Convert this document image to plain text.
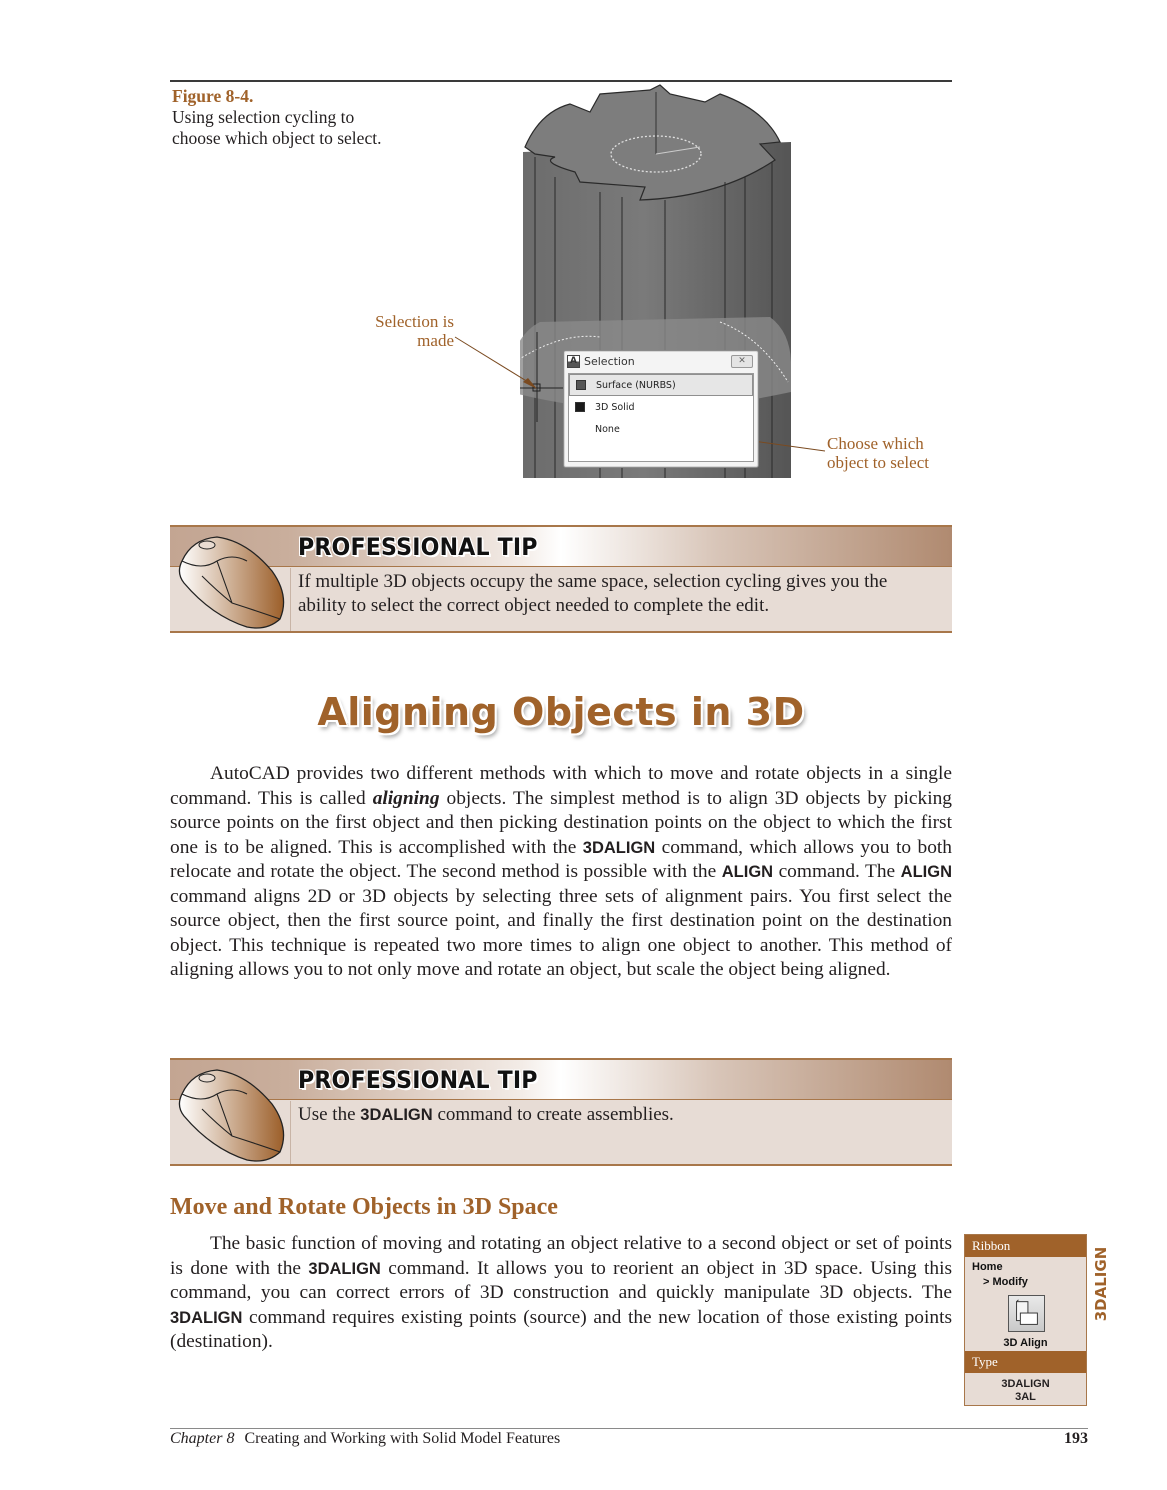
Figure 8-4.
Using selection cycling to choose which object to select.
Selection is made
Choose which object to select
A Selection	✕
Surface (NURBS)
3D Solid
None
PROFESSIONAL TIP
If multiple 3D objects occupy the same space, selection cycling gives you the ability to select the correct object needed to complete the edit.
Aligning Objects in 3D
AutoCAD provides two different methods with which to move and rotate objects in a single command. This is called aligning objects. The simplest method is to align 3D objects by picking source points on the first object and then picking destination points on the object to which the first one is to be aligned. This is accomplished with the 3DALIGN command, which allows you to both relocate and rotate the object. The second method is possible with the ALIGN command. The ALIGN command aligns 2D or 3D objects by selecting three sets of alignment pairs. You first select the source object, then the first source point, and finally the first destination point on the destination object. This technique is repeated two more times to align one object to another. This method of aligning allows you to not only move and rotate an object, but scale the object being aligned.
PROFESSIONAL TIP
Use the 3DALIGN command to create assemblies.
Move and Rotate Objects in 3D Space
The basic function of moving and rotating an object relative to a second object or set of points is done with the 3DALIGN command. It allows you to reorient an object in 3D space. Using this command, you can correct errors of 3D construction and quickly manipulate 3D objects. The 3DALIGN command requires existing points (source) and the new location of those existing points (destination).
Ribbon
Home
> Modify
3D Align
Type
3DALIGN
3AL
3DALIGN
Chapter 8 Creating and Working with Solid Model Features	193
